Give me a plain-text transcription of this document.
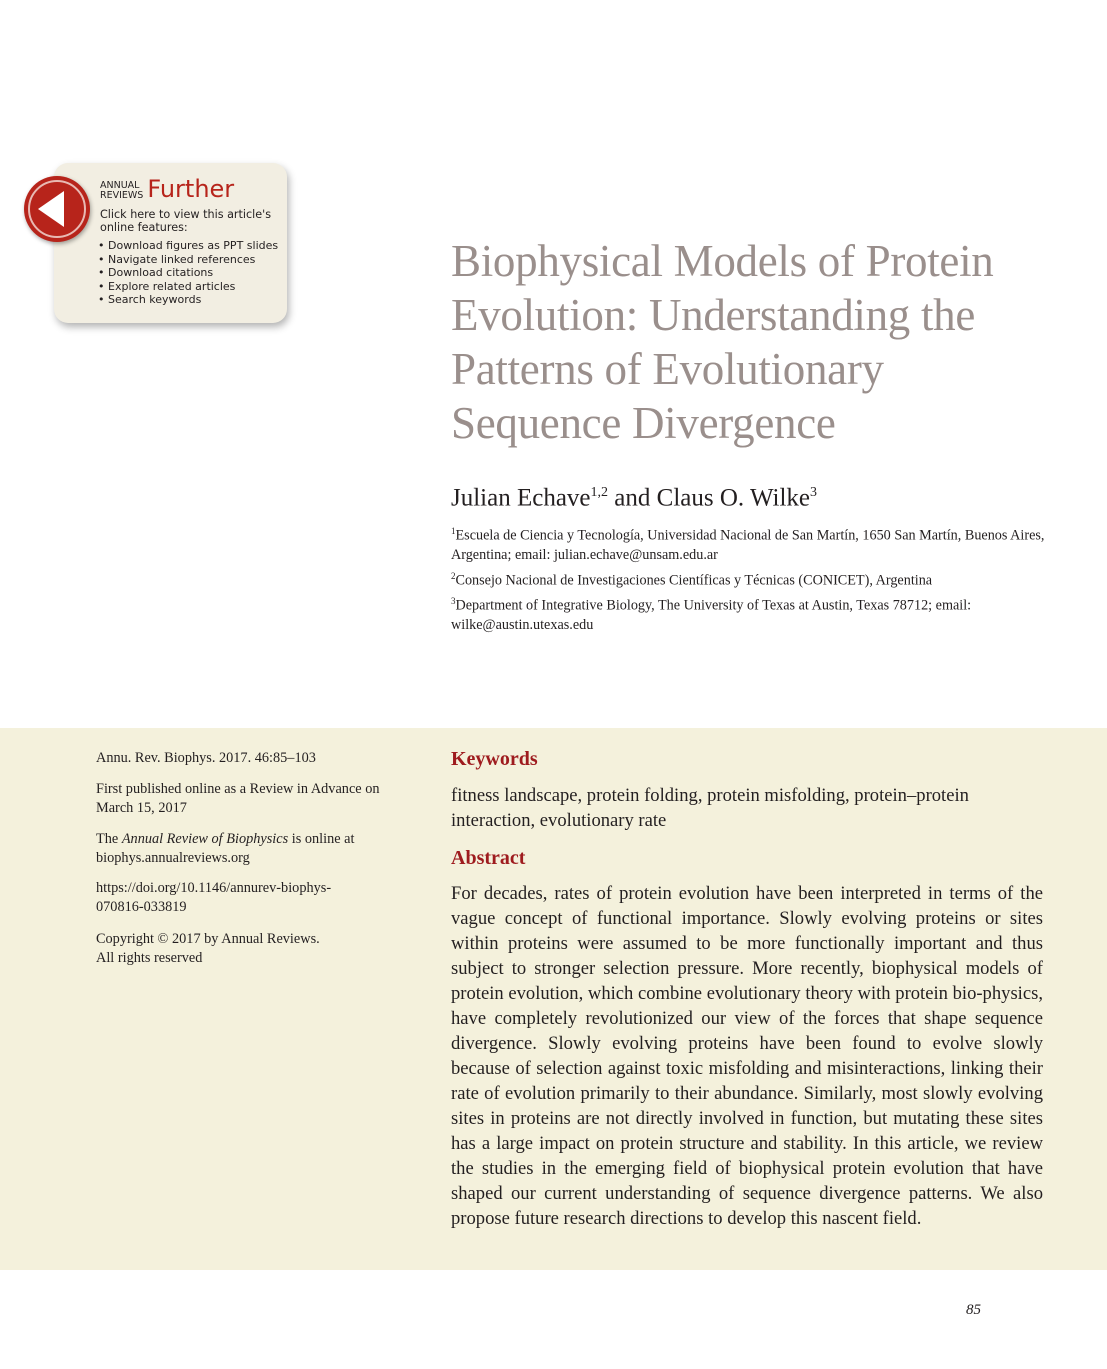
ANNUAL
REVIEWS Further
Click here to view this article's online features:
• Download figures as PPT slides
• Navigate linked references
• Download citations
• Explore related articles
• Search keywords
Biophysical Models of Protein
Evolution: Understanding the
Patterns of Evolutionary
Sequence Divergence
Julian Echave$^{1,2}$ and Claus O. Wilke$^3$
$^1$Escuela de Ciencia y Tecnología, Universidad Nacional de San Martín, 1650 San Martín, Buenos Aires, Argentina; email: julian.echave@unsam.edu.ar
$^2$Consejo Nacional de Investigaciones Científicas y Técnicas (CONICET), Argentina
$^3$Department of Integrative Biology, The University of Texas at Austin, Texas 78712; email: wilke@austin.utexas.edu
Annu. Rev. Biophys. 2017. 46:85–103
First published online as a Review in Advance on March 15, 2017
The Annual Review of Biophysics is online at biophys.annualreviews.org
https://doi.org/10.1146/annurev-biophys-070816-033819
Copyright © 2017 by Annual Reviews.
All rights reserved
Keywords
fitness landscape, protein folding, protein misfolding, protein–protein interaction, evolutionary rate
Abstract

For decades, rates of protein evolution have been interpreted in terms of the vague concept of functional importance. Slowly evolving proteins or sites within proteins were assumed to be more functionally important and thus subject to stronger selection pressure. More recently, biophysical models of protein evolution, which combine evolutionary theory with protein bio-physics, have completely revolutionized our view of the forces that shape sequence divergence. Slowly evolving proteins have been found to evolve slowly because of selection against toxic misfolding and misinteractions, linking their rate of evolution primarily to their abundance. Similarly, most slowly evolving sites in proteins are not directly involved in function, but mutating these sites has a large impact on protein structure and stability. In this article, we review the studies in the emerging field of biophysical protein evolution that have shaped our current understanding of sequence divergence patterns. We also propose future research directions to develop this nascent field.

85
